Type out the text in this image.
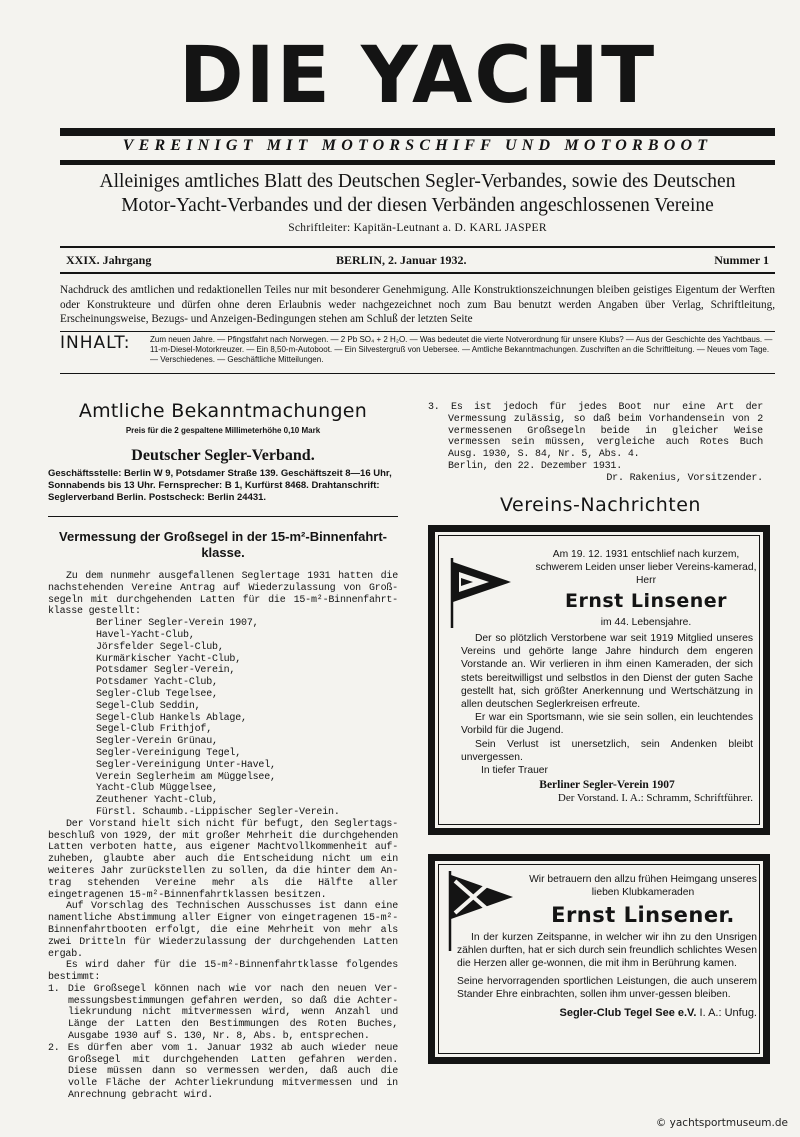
DIE YACHT
VEREINIGT MIT MOTORSCHIFF UND MOTORBOOT
Alleiniges amtliches Blatt des Deutschen Segler-Verbandes, sowie des Deutschen
Motor-Yacht-Verbandes und der diesen Verbänden angeschlossenen Vereine
Schriftleiter: Kapitän-Leutnant a. D. KARL JASPER
XXIX. Jahrgang	BERLIN, 2. Januar 1932.	Nummer 1
Nachdruck des amtlichen und redaktionellen Teiles nur mit besonderer Genehmigung. Alle Konstruktionszeichnungen bleiben geistiges Eigentum der Werften oder Konstrukteure und dürfen ohne deren Erlaubnis weder nachgezeichnet noch zum Bau benutzt werden Angaben über Verlag, Schriftleitung, Erscheinungsweise, Bezugs- und Anzeigen-Bedingungen stehen am Schluß der letzten Seite
INHALT: Zum neuen Jahre. — Pfingstfahrt nach Norwegen. — 2 Pb SO₄ + 2 H₂O. — Was bedeutet die vierte Notverordnung für unsere Klubs? — Aus der Geschichte des Yachtbaus. — 11-m-Diesel-Motorkreuzer. — Ein 8,50-m-Autoboot. — Ein Silvestergruß von Uebersee. — Amtliche Bekanntmachungen. Zuschriften an die Schriftleitung. — Neues vom Tage. — Verschiedenes. — Geschäftliche Mitteilungen.
Amtliche Bekanntmachungen
Preis für die 2 gespaltene Millimeterhöhe 0,10 Mark
Deutscher Segler-Verband.
Geschäftsstelle: Berlin W 9, Potsdamer Straße 139. Geschäftszeit 8—16 Uhr, Sonnabends bis 13 Uhr. Fernsprecher: B 1, Kurfürst 8468. Drahtanschrift: Seglerverband Berlin. Postscheck: Berlin 24431.
Vermessung der Großsegel in der 15-m²-Binnenfahrt-klasse.

Zu dem nunmehr ausgefallenen Seglertage 1931 hatten die nachstehenden Vereine Antrag auf Wiederzulassung von Groß-segeln mit durchgehenden Latten für die 15-m²-Binnenfahrt-klasse gestellt:

Berliner Segler-Verein 1907,
Havel-Yacht-Club,
Jörsfelder Segel-Club,
Kurmärkischer Yacht-Club,
Potsdamer Segler-Verein,
Potsdamer Yacht-Club,
Segler-Club Tegelsee,
Segel-Club Seddin,
Segel-Club Hankels Ablage,
Segel-Club Frithjof,
Segler-Verein Grünau,
Segler-Vereinigung Tegel,
Segler-Vereinigung Unter-Havel,
Verein Seglerheim am Müggelsee,
Yacht-Club Müggelsee,
Zeuthener Yacht-Club,
Fürstl. Schaumb.-Lippischer Segler-Verein.

Der Vorstand hielt sich nicht für befugt, den Seglertags-beschluß von 1929, der mit großer Mehrheit die durchgehenden Latten verboten hatte, aus eigener Machtvollkommenheit auf-zuheben, glaubte aber auch die Entscheidung nicht um ein weiteres Jahr zurückstellen zu sollen, da die hinter dem An-trag stehenden Vereine mehr als die Hälfte aller eingetragenen 15-m²-Binnenfahrtklassen besitzen.

Auf Vorschlag des Technischen Ausschusses ist dann eine namentliche Abstimmung aller Eigner von eingetragenen 15-m²-Binnenfahrtbooten erfolgt, die eine Mehrheit von mehr als zwei Dritteln für Wiederzulassung der durchgehenden Latten ergab.

Es wird daher für die 15-m²-Binnenfahrtklasse folgendes bestimmt:

1. Die Großsegel können nach wie vor nach den neuen Ver-messungsbestimmungen gefahren werden, so daß die Achter-liekrundung nicht mitvermessen wird, wenn Anzahl und Länge der Latten den Bestimmungen des Roten Buches, Ausgabe 1930 auf S. 130, Nr. 8, Abs. b, entsprechen.
2. Es dürfen aber vom 1. Januar 1932 ab auch wieder neue Großsegel mit durchgehenden Latten gefahren werden. Diese müssen dann so vermessen werden, daß auch die volle Fläche der Achterliekrundung mitvermessen und in Anrechnung gebracht wird.
3. Es ist jedoch für jedes Boot nur eine Art der Vermessung zulässig, so daß beim Vorhandensein von 2 vermessenen Großsegeln beide in gleicher Weise vermessen sein müssen, vergleiche auch Rotes Buch Ausg. 1930, S. 84, Nr. 5, Abs. 4.
Berlin, den 22. Dezember 1931.
Dr. Rakenius, Vorsitzender.
Vereins-Nachrichten
Am 19. 12. 1931 entschlief nach kurzem, schwerem Leiden unser lieber Vereins-kamerad, Herr
Ernst Linsener
im 44. Lebensjahre.

Der so plötzlich Verstorbene war seit 1919 Mitglied unseres Vereins und gehörte lange Jahre hindurch dem engeren Vorstande an. Wir verlieren in ihm einen Kameraden, der sich stets bereitwilligst und selbstlos in den Dienst der guten Sache gestellt hat, sich größter Anerkennung und Wertschätzung in allen deutschen Seglerkreisen erfreute.

Er war ein Sportsmann, wie sie sein sollen, ein leuchtendes Vorbild für die Jugend.

Sein Verlust ist unersetzlich, sein Andenken bleibt unvergessen.

In tiefer Trauer

Berliner Segler-Verein 1907
Der Vorstand. I. A.: Schramm, Schriftführer.
Wir betrauern den allzu frühen Heimgang unseres lieben Klubkameraden
Ernst Linsener.

In der kurzen Zeitspanne, in welcher wir ihn zu den Unsrigen zählen durften, hat er sich durch sein freundlich schlichtes Wesen die Herzen aller ge-wonnen, die mit ihm in Berührung kamen.

Seine hervorragenden sportlichen Leistungen, die auch unserem Stander Ehre einbrachten, sollen ihm unver-gessen bleiben.

Segler-Club Tegel See e.V. I. A.: Unfug.
© yachtsportmuseum.de
